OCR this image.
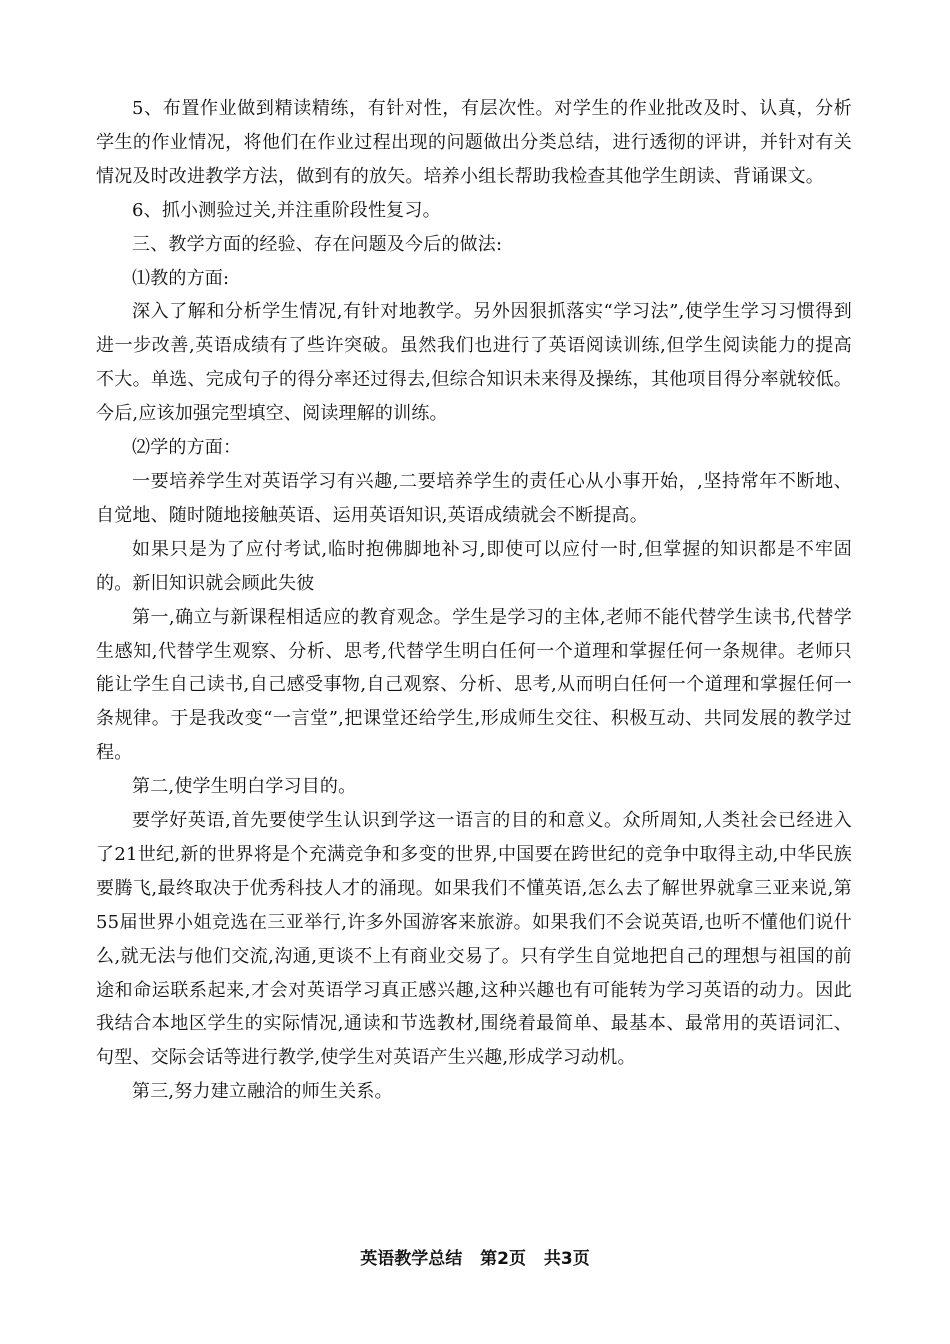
5、布置作业做到精读精练，有针对性，有层次性。对学生的作业批改及时、认真，分析学生的作业情况，将他们在作业过程出现的问题做出分类总结，进行透彻的评讲，并针对有关情况及时改进教学方法，做到有的放矢。培养小组长帮助我检查其他学生朗读、背诵课文。

6、抓小测验过关,并注重阶段性复习。

三、教学方面的经验、存在问题及今后的做法:

⑴教的方面:

深入了解和分析学生情况,有针对地教学。另外因狠抓落实“学习法”,使学生学习习惯得到进一步改善,英语成绩有了些许突破。虽然我们也进行了英语阅读训练,但学生阅读能力的提高不大。单选、完成句子的得分率还过得去,但综合知识未来得及操练，其他项目得分率就较低。今后,应该加强完型填空、阅读理解的训练。

⑵学的方面：

一要培养学生对英语学习有兴趣,二要培养学生的责任心从小事开始，,坚持常年不断地、自觉地、随时随地接触英语、运用英语知识,英语成绩就会不断提高。

如果只是为了应付考试,临时抱佛脚地补习,即使可以应付一时,但掌握的知识都是不牢固的。新旧知识就会顾此失彼

第一,确立与新课程相适应的教育观念。学生是学习的主体,老师不能代替学生读书,代替学生感知,代替学生观察、分析、思考,代替学生明白任何一个道理和掌握任何一条规律。老师只能让学生自己读书,自己感受事物,自己观察、分析、思考,从而明白任何一个道理和掌握任何一条规律。于是我改变“一言堂”,把课堂还给学生,形成师生交往、积极互动、共同发展的教学过程。

第二,使学生明白学习目的。

要学好英语,首先要使学生认识到学这一语言的目的和意义。众所周知,人类社会已经进入了21世纪,新的世界将是个充满竞争和多变的世界,中国要在跨世纪的竞争中取得主动,中华民族要腾飞,最终取决于优秀科技人才的涌现。如果我们不懂英语,怎么去了解世界就拿三亚来说,第55届世界小姐竞选在三亚举行,许多外国游客来旅游。如果我们不会说英语,也听不懂他们说什么,就无法与他们交流,沟通,更谈不上有商业交易了。只有学生自觉地把自己的理想与祖国的前途和命运联系起来,才会对英语学习真正感兴趣,这种兴趣也有可能转为学习英语的动力。因此我结合本地区学生的实际情况,通读和节选教材,围绕着最简单、最基本、最常用的英语词汇、句型、交际会话等进行教学,使学生对英语产生兴趣,形成学习动机。

第三,努力建立融洽的师生关系。

英语教学总结 第2页 共3页
